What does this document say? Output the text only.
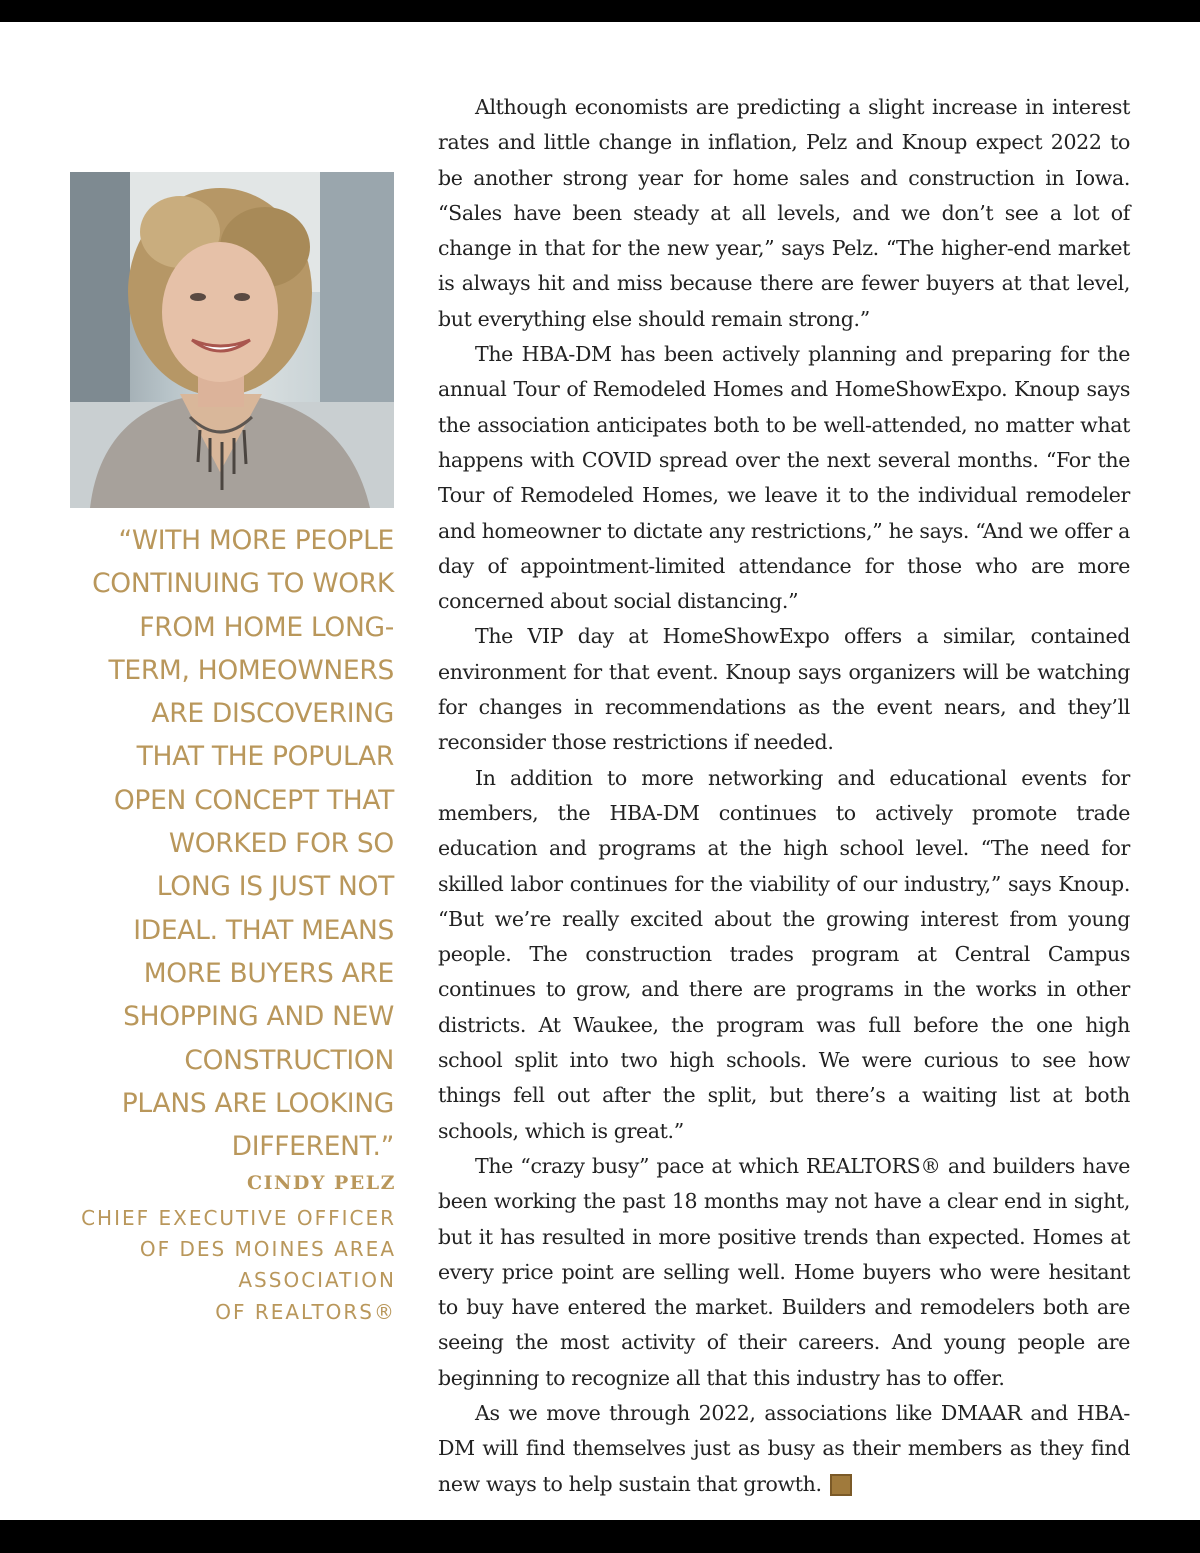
“WITH MORE PEOPLE
CONTINUING TO WORK
FROM HOME LONG-
TERM, HOMEOWNERS
ARE DISCOVERING
THAT THE POPULAR
OPEN CONCEPT THAT
WORKED FOR SO
LONG IS JUST NOT
IDEAL. THAT MEANS
MORE BUYERS ARE
SHOPPING AND NEW
CONSTRUCTION
PLANS ARE LOOKING
DIFFERENT.”
CINDY PELZ
CHIEF EXECUTIVE OFFICER
OF DES MOINES AREA
ASSOCIATION
OF REALTORS®

Although economists are predicting a slight increase in interest rates and little change in inflation, Pelz and Knoup expect 2022 to be another strong year for home sales and construction in Iowa. “Sales have been steady at all levels, and we don’t see a lot of change in that for the new year,” says Pelz. “The higher-end market is always hit and miss because there are fewer buyers at that level, but everything else should remain strong.”

The HBA-DM has been actively planning and preparing for the annual Tour of Remodeled Homes and HomeShowExpo. Knoup says the association anticipates both to be well-attended, no matter what happens with COVID spread over the next several months. “For the Tour of Remodeled Homes, we leave it to the individual remodeler and homeowner to dictate any restrictions,” he says. “And we offer a day of appointment-limited attendance for those who are more concerned about social distancing.”

The VIP day at HomeShowExpo offers a similar, contained environment for that event. Knoup says organizers will be watching for changes in recommendations as the event nears, and they’ll reconsider those restrictions if needed.

In addition to more networking and educational events for members, the HBA-DM continues to actively promote trade education and programs at the high school level. “The need for skilled labor continues for the viability of our industry,” says Knoup. “But we’re really excited about the growing interest from young people. The construction trades program at Central Campus continues to grow, and there are programs in the works in other districts. At Waukee, the program was full before the one high school split into two high schools. We were curious to see how things fell out after the split, but there’s a waiting list at both schools, which is great.”

The “crazy busy” pace at which REALTORS® and builders have been working the past 18 months may not have a clear end in sight, but it has resulted in more positive trends than expected. Homes at every price point are selling well. Home buyers who were hesitant to buy have entered the market. Builders and remodelers both are seeing the most activity of their careers. And young people are beginning to recognize all that this industry has to offer.

As we move through 2022, associations like DMAAR and HBA-DM will find themselves just as busy as their members as they find new ways to help sustain that growth.	B
